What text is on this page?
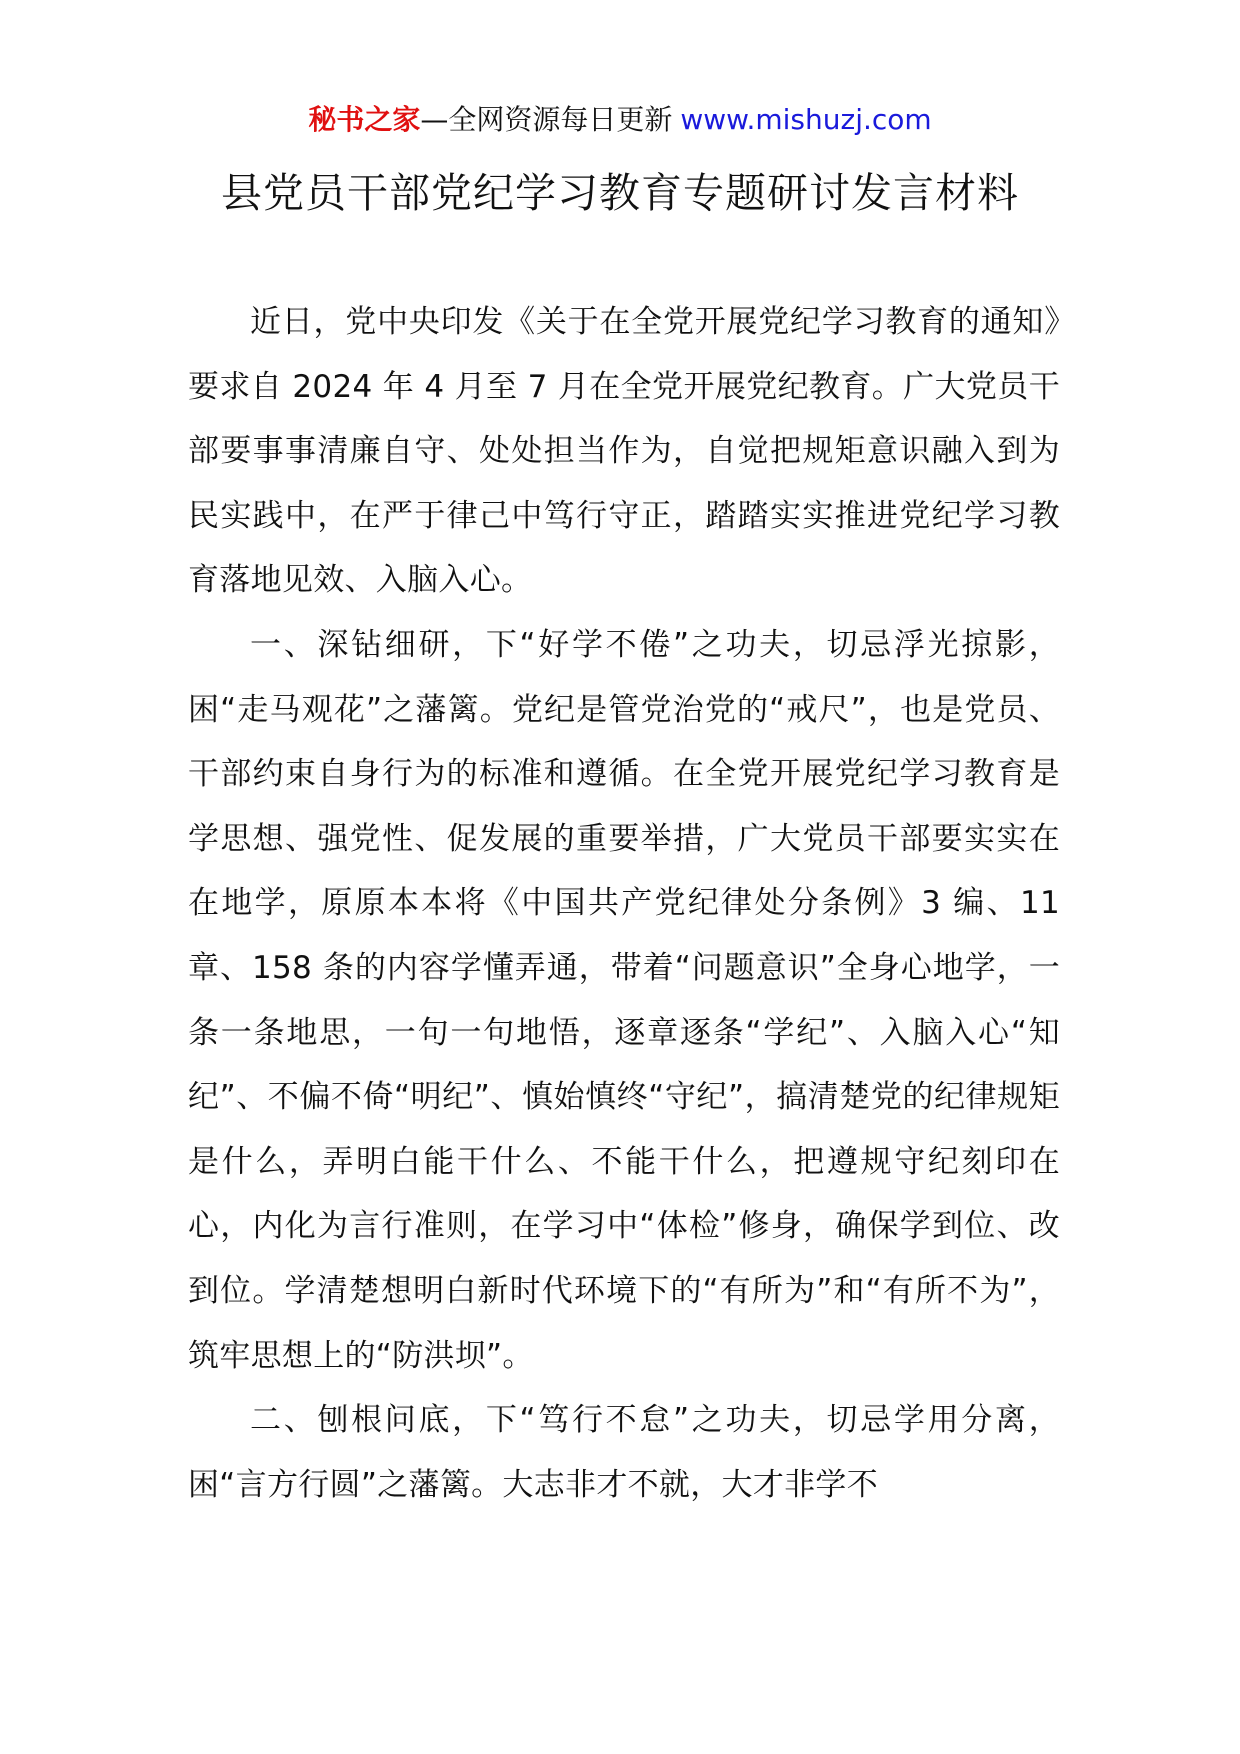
秘书之家—全网资源每日更新 www.mishuzj.com
县党员干部党纪学习教育专题研讨发言材料

近日，党中央印发《关于在全党开展党纪学习教育的通知》要求自 2024 年 4 月至 7 月在全党开展党纪教育。广大党员干部要事事清廉自守、处处担当作为，自觉把规矩意识融入到为民实践中，在严于律己中笃行守正，踏踏实实推进党纪学习教育落地见效、入脑入心。

一、深钻细研，下“好学不倦”之功夫，切忌浮光掠影，困“走马观花”之藩篱。党纪是管党治党的“戒尺”，也是党员、干部约束自身行为的标准和遵循。在全党开展党纪学习教育是学思想、强党性、促发展的重要举措，广大党员干部要实实在在地学，原原本本将《中国共产党纪律处分条例》3 编、11 章、158 条的内容学懂弄通，带着“问题意识”全身心地学，一条一条地思，一句一句地悟，逐章逐条“学纪”、入脑入心“知纪”、不偏不倚“明纪”、慎始慎终“守纪”，搞清楚党的纪律规矩是什么，弄明白能干什么、不能干什么，把遵规守纪刻印在心，内化为言行准则，在学习中“体检”修身，确保学到位、改到位。学清楚想明白新时代环境下的“有所为”和“有所不为”，筑牢思想上的“防洪坝”。

二、刨根问底，下“笃行不怠”之功夫，切忌学用分离，困“言方行圆”之藩篱。大志非才不就，大才非学不
